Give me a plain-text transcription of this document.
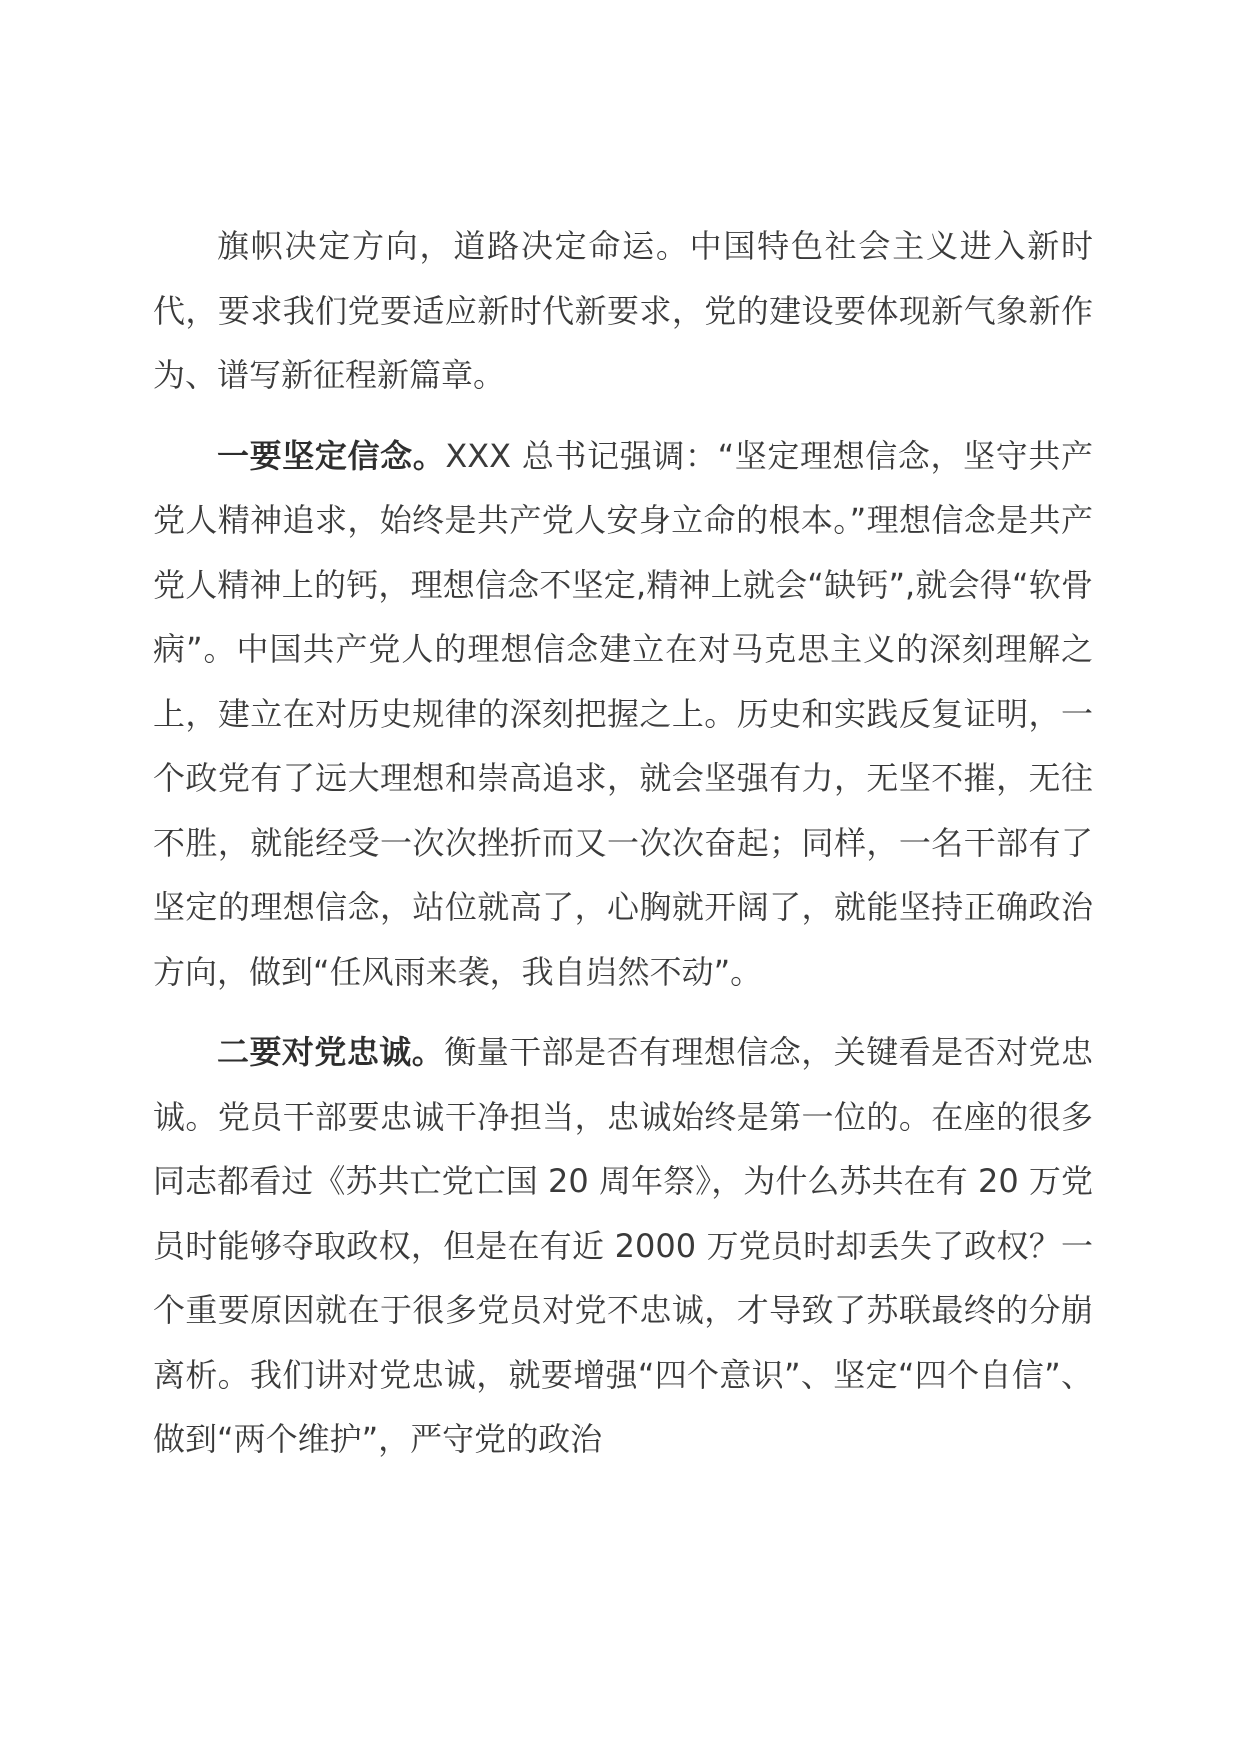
旗帜决定方向，道路决定命运。中国特色社会主义进入新时代，要求我们党要适应新时代新要求，党的建设要体现新气象新作为、谱写新征程新篇章。

一要坚定信念。XXX 总书记强调：“坚定理想信念，坚守共产党人精神追求，始终是共产党人安身立命的根本。”理想信念是共产党人精神上的钙，理想信念不坚定,精神上就会“缺钙”,就会得“软骨病”。中国共产党人的理想信念建立在对马克思主义的深刻理解之上，建立在对历史规律的深刻把握之上。历史和实践反复证明，一个政党有了远大理想和崇高追求，就会坚强有力，无坚不摧，无往不胜，就能经受一次次挫折而又一次次奋起；同样，一名干部有了坚定的理想信念，站位就高了，心胸就开阔了，就能坚持正确政治方向，做到“任风雨来袭，我自岿然不动”。

二要对党忠诚。衡量干部是否有理想信念，关键看是否对党忠诚。党员干部要忠诚干净担当，忠诚始终是第一位的。在座的很多同志都看过《苏共亡党亡国 20 周年祭》，为什么苏共在有 20 万党员时能够夺取政权，但是在有近 2000 万党员时却丢失了政权？一个重要原因就在于很多党员对党不忠诚，才导致了苏联最终的分崩离析。我们讲对党忠诚，就要增强“四个意识”、坚定“四个自信”、做到“两个维护”，严守党的政治
